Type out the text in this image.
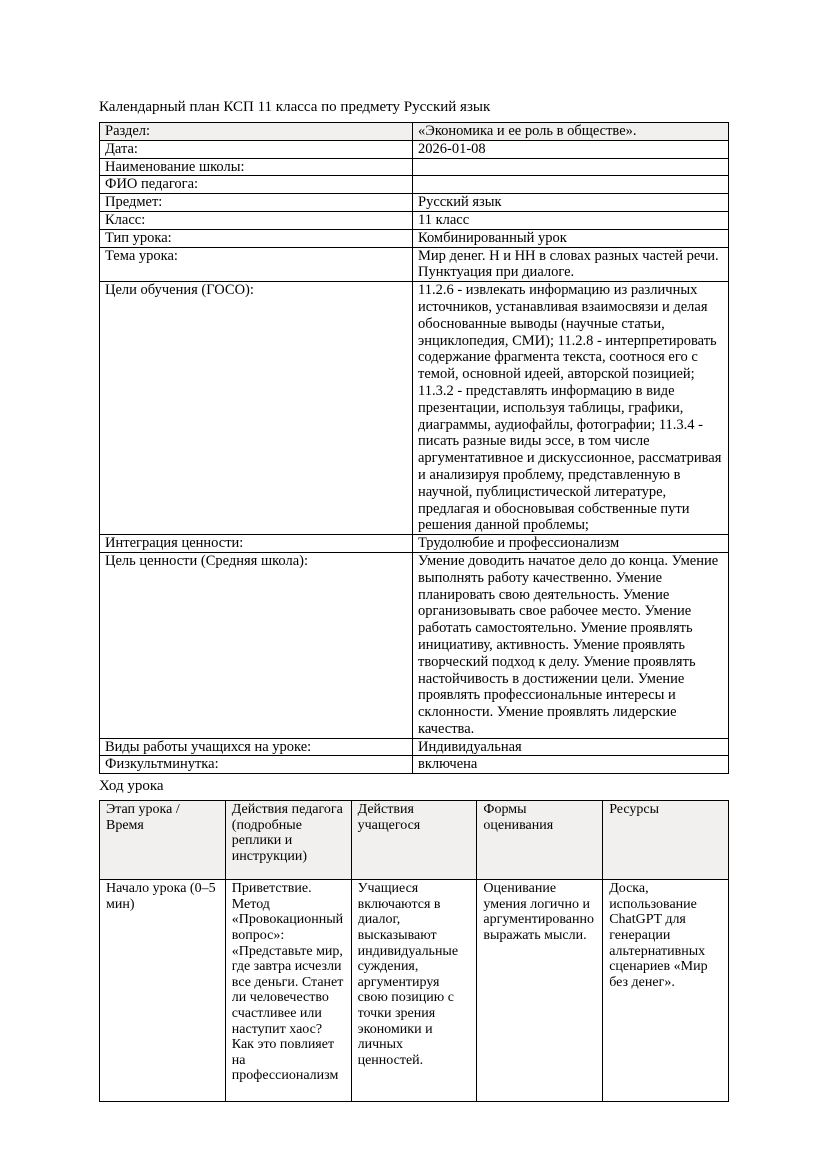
Календарный план КСП 11 класса по предмету Русский язык

Раздел:	«Экономика и ее роль в обществе».
Дата:	2026-01-08
Наименование школы:	
ФИО педагога:	
Предмет:	Русский язык
Класс:	11 класс
Тип урока:	Комбинированный урок
Тема урока:	Мир денег. Н и НН в словах разных частей речи. Пунктуация при диалоге.
Цели обучения (ГОСО):	11.2.6 - извлекать информацию из различных источников, устанавливая взаимосвязи и делая обоснованные выводы (научные статьи, энциклопедия, СМИ); 11.2.8 - интерпретировать содержание фрагмента текста, соотнося его с темой, основной идеей, авторской позицией; 11.3.2 - представлять информацию в виде презентации, используя таблицы, графики, диаграммы, аудиофайлы, фотографии; 11.3.4 - писать разные виды эссе, в том числе аргументативное и дискуссионное, рассматривая и анализируя проблему, представленную в научной, публицистической литературе, предлагая и обосновывая собственные пути решения данной проблемы;
Интеграция ценности:	Трудолюбие и профессионализм
Цель ценности (Средняя школа):	Умение доводить начатое дело до конца. Умение выполнять работу качественно. Умение планировать свою деятельность. Умение организовывать свое рабочее место. Умение работать самостоятельно. Умение проявлять инициативу, активность. Умение проявлять творческий подход к делу. Умение проявлять настойчивость в достижении цели. Умение проявлять профессиональные интересы и склонности. Умение проявлять лидерские качества.
Виды работы учащихся на уроке:	Индивидуальная
Физкультминутка:	включена

Ход урока

Этап урока / Время	Действия педагога (подробные реплики и инструкции)	Действия учащегося	Формы оценивания	Ресурсы

Начало урока (0–5 мин)	Приветствие. Метод «Провокационный вопрос»: «Представьте мир, где завтра исчезли все деньги. Станет ли человечество счастливее или наступит хаос? Как это повлияет на профессионализм	Учащиеся включаются в диалог, высказывают индивидуальные суждения, аргументируя свою позицию с точки зрения экономики и личных ценностей.	Оценивание умения логично и аргументированно выражать мысли.	Доска, использование ChatGPT для генерации альтернативных сценариев «Мир без денег».
